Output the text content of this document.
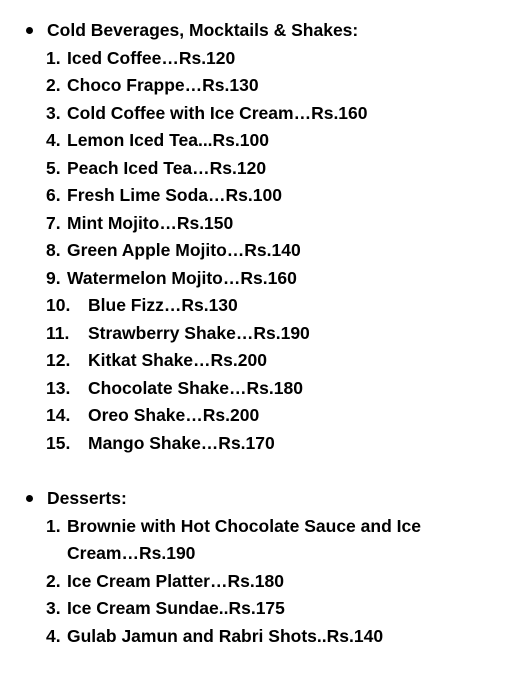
Cold Beverages, Mocktails & Shakes:
1. Iced Coffee…Rs.120
2. Choco Frappe…Rs.130
3. Cold Coffee with Ice Cream…Rs.160
4. Lemon Iced Tea...Rs.100
5. Peach Iced Tea…Rs.120
6. Fresh Lime Soda…Rs.100
7. Mint Mojito…Rs.150
8. Green Apple Mojito…Rs.140
9. Watermelon Mojito…Rs.160
10. Blue Fizz…Rs.130
11. Strawberry Shake…Rs.190
12. Kitkat Shake…Rs.200
13. Chocolate Shake…Rs.180
14. Oreo Shake…Rs.200
15. Mango Shake…Rs.170
Desserts:
1. Brownie with Hot Chocolate Sauce and Ice Cream…Rs.190
2. Ice Cream Platter…Rs.180
3. Ice Cream Sundae..Rs.175
4. Gulab Jamun and Rabri Shots..Rs.140
